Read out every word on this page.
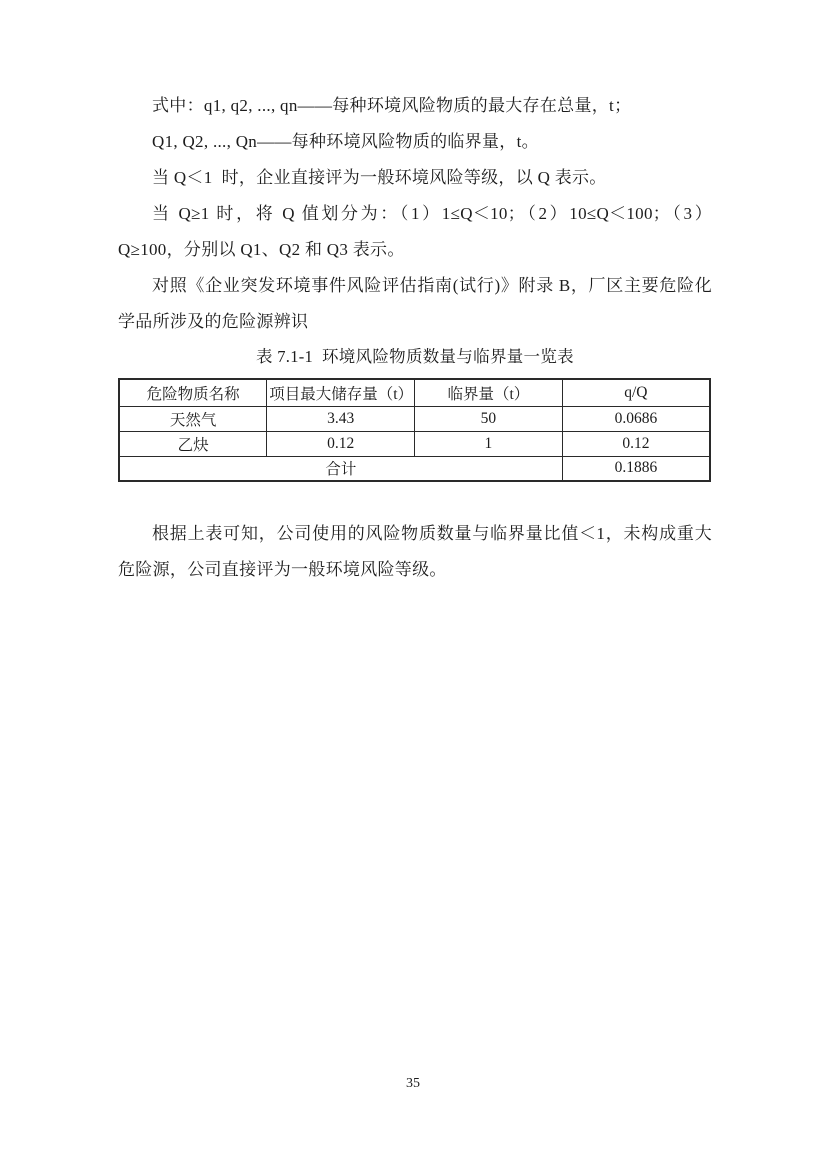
式中：q1, q2, ..., qn——每种环境风险物质的最大存在总量，t；

Q1, Q2, ..., Qn——每种环境风险物质的临界量，t。

当 Q＜1  时，企业直接评为一般环境风险等级，以 Q 表示。

当 Q≥1 时，将 Q 值划分为：（1）1≤Q＜10；（2）10≤Q＜100；（3）Q≥100，分别以 Q1、Q2 和 Q3 表示。

对照《企业突发环境事件风险评估指南(试行)》附录 B，厂区主要危险化学品所涉及的危险源辨识

表 7.1-1  环境风险物质数量与临界量一览表
危险物质名称	项目最大储存量（t）	临界量（t）	q/Q
天然气	3.43	50	0.0686
乙炔	0.12	1	0.12
合计			0.1886

根据上表可知，公司使用的风险物质数量与临界量比值＜1，未构成重大危险源，公司直接评为一般环境风险等级。

35
